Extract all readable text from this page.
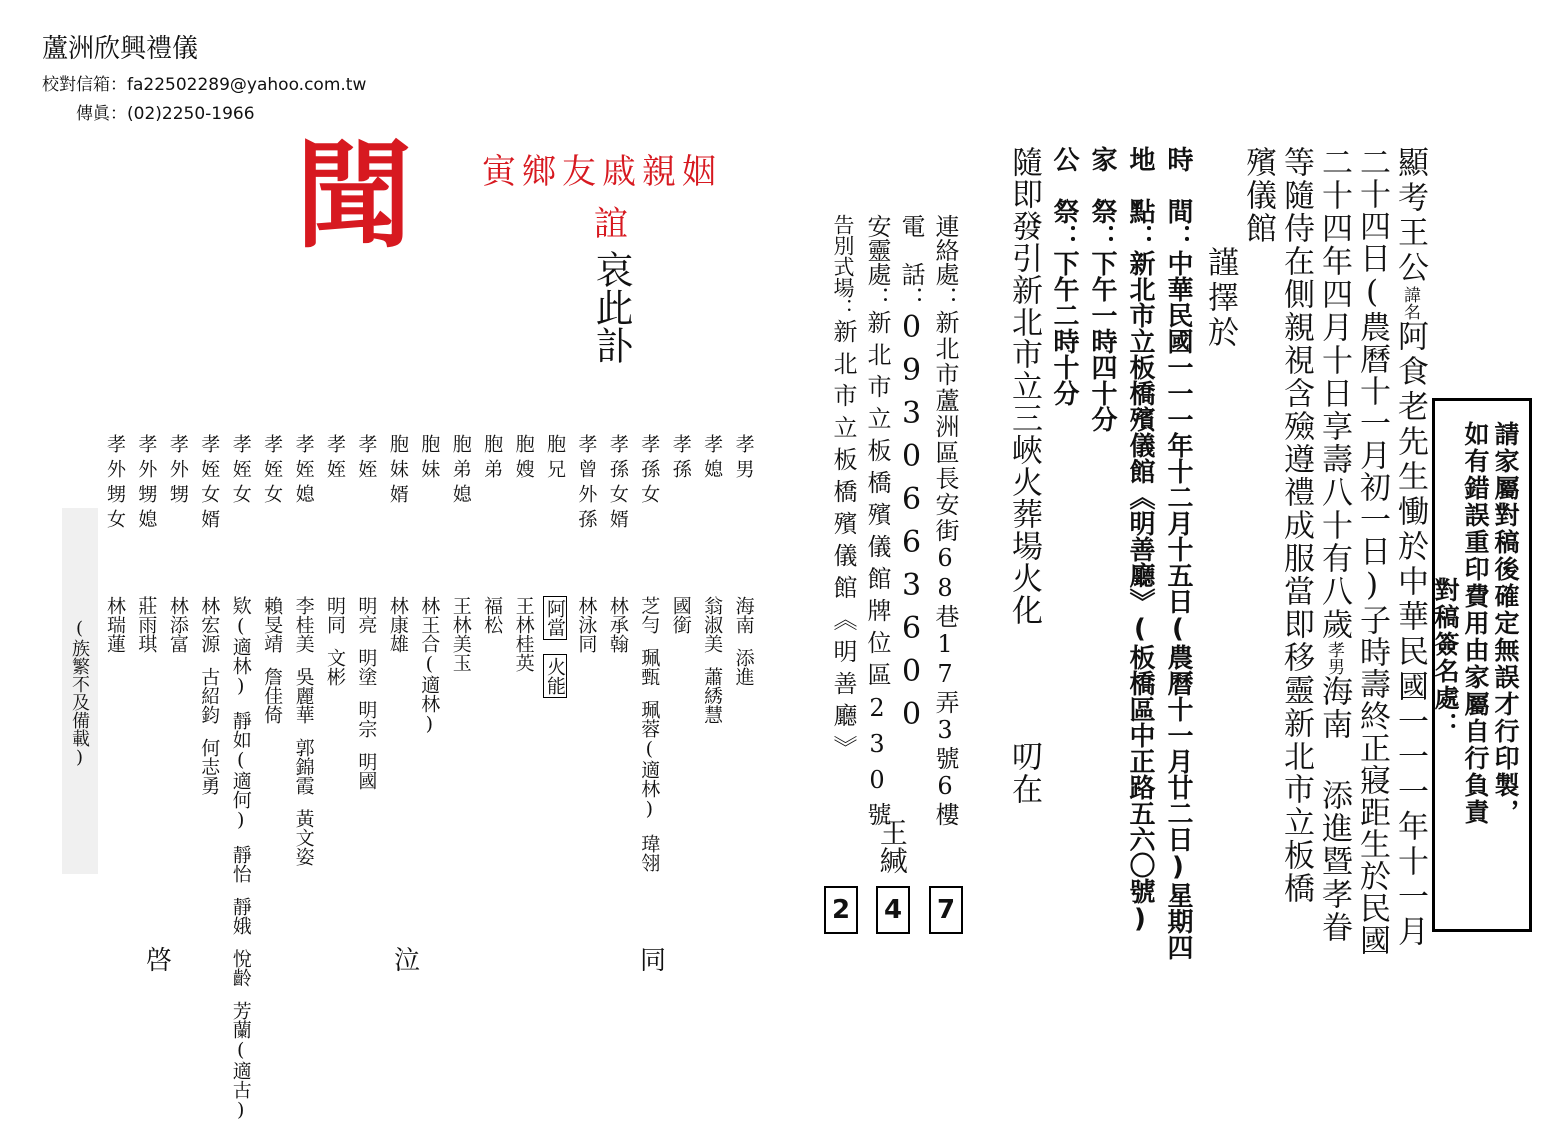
蘆洲欣興禮儀
校對信箱：fa22502289@yahoo.com.tw
傳眞：(02)2250-1966
聞 寅鄉友戚親姻
誼
哀此訃
請家屬對稿後確定無誤才行印製，
如有錯誤重印費用由家屬自行負責
對稿簽名處：
顯考王公諱名阿食老先生慟於中華民國一一一年十一月
二十四日(農曆十一月初一日)子時壽終正寢距生於民國
二十四年四月十日享壽八十有八歲孝男海南 添進暨孝眷
等隨侍在側親視含殮遵禮成服當即移靈新北市立板橋
殯儀館
謹擇於
時　間：中華民國一一一年十二月十五日(農曆十一月廿二日)星期四
地　點：新北市立板橋殯儀館《明善廳》(板橋區中正路五六〇號)
家　祭：下午一時四十分
公　祭：下午二時十分
隨即發引新北市立三峽火葬場火化
叨在
連絡處：新北市蘆洲區長安街68巷17弄3號6樓
電　話：0930663600
安靈處：新北市立板橋殯儀館牌位區230號
告別式場：新北市立板橋殯儀館《明善廳》
王緘
2	4	7
孝男
海南添進
孝媳
翁淑美蕭綉慧
孝孫
國銜
孝孫女
芝勻珮甄珮蓉(適林)瑋翎
孝孫女婿
林承翰
孝曾外孫
林泳同
胞兄
阿當火能
胞嫂
王林桂英
胞弟
福松
胞弟媳
王林美玉
胞妹
林王合(適林)
胞妹婿
林康雄
孝姪
明亮明塗明宗明國
孝姪
明同文彬
孝姪媳
李桂美吳麗華郭錦霞黃文姿
孝姪女
賴旻靖詹佳倚
孝姪女
欵(適林)靜如(適何)靜怡靜娥悅齡芳蘭(適古)
孝姪女婿
林宏源古紹鈞何志勇
孝外甥
林添富
孝外甥媳
莊雨琪
孝外甥女
林瑞蓮
(族繁不及備載)
啓	泣	同
